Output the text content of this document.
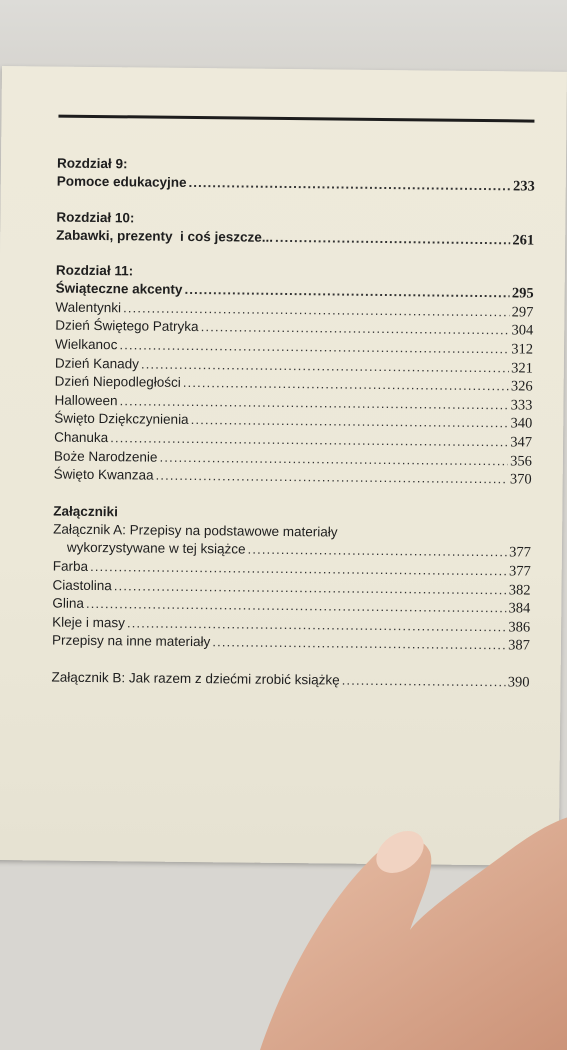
Rozdział 9:
Pomoce edukacyjne .....	233
Rozdział 10:
Zabawki, prezenty  i coś jeszcze... .....	261
Rozdział 11:
Świąteczne akcenty .....	295
Walentynki .....	297
Dzień Świętego Patryka .....	304
Wielkanoc .....	312
Dzień Kanady .....	321
Dzień Niepodległości .....	326
Halloween .....	333
Święto Dziękczynienia .....	340
Chanuka .....	347
Boże Narodzenie .....	356
Święto Kwanzaa .....	370
Załączniki
Załącznik A: Przepisy na podstawowe materiały
wykorzystywane w tej książce .....	377
Farba .....	377
Ciastolina .....	382
Glina .....	384
Kleje i masy .....	386
Przepisy na inne materiały .....	387
Załącznik B: Jak razem z dziećmi zrobić książkę .....	390
